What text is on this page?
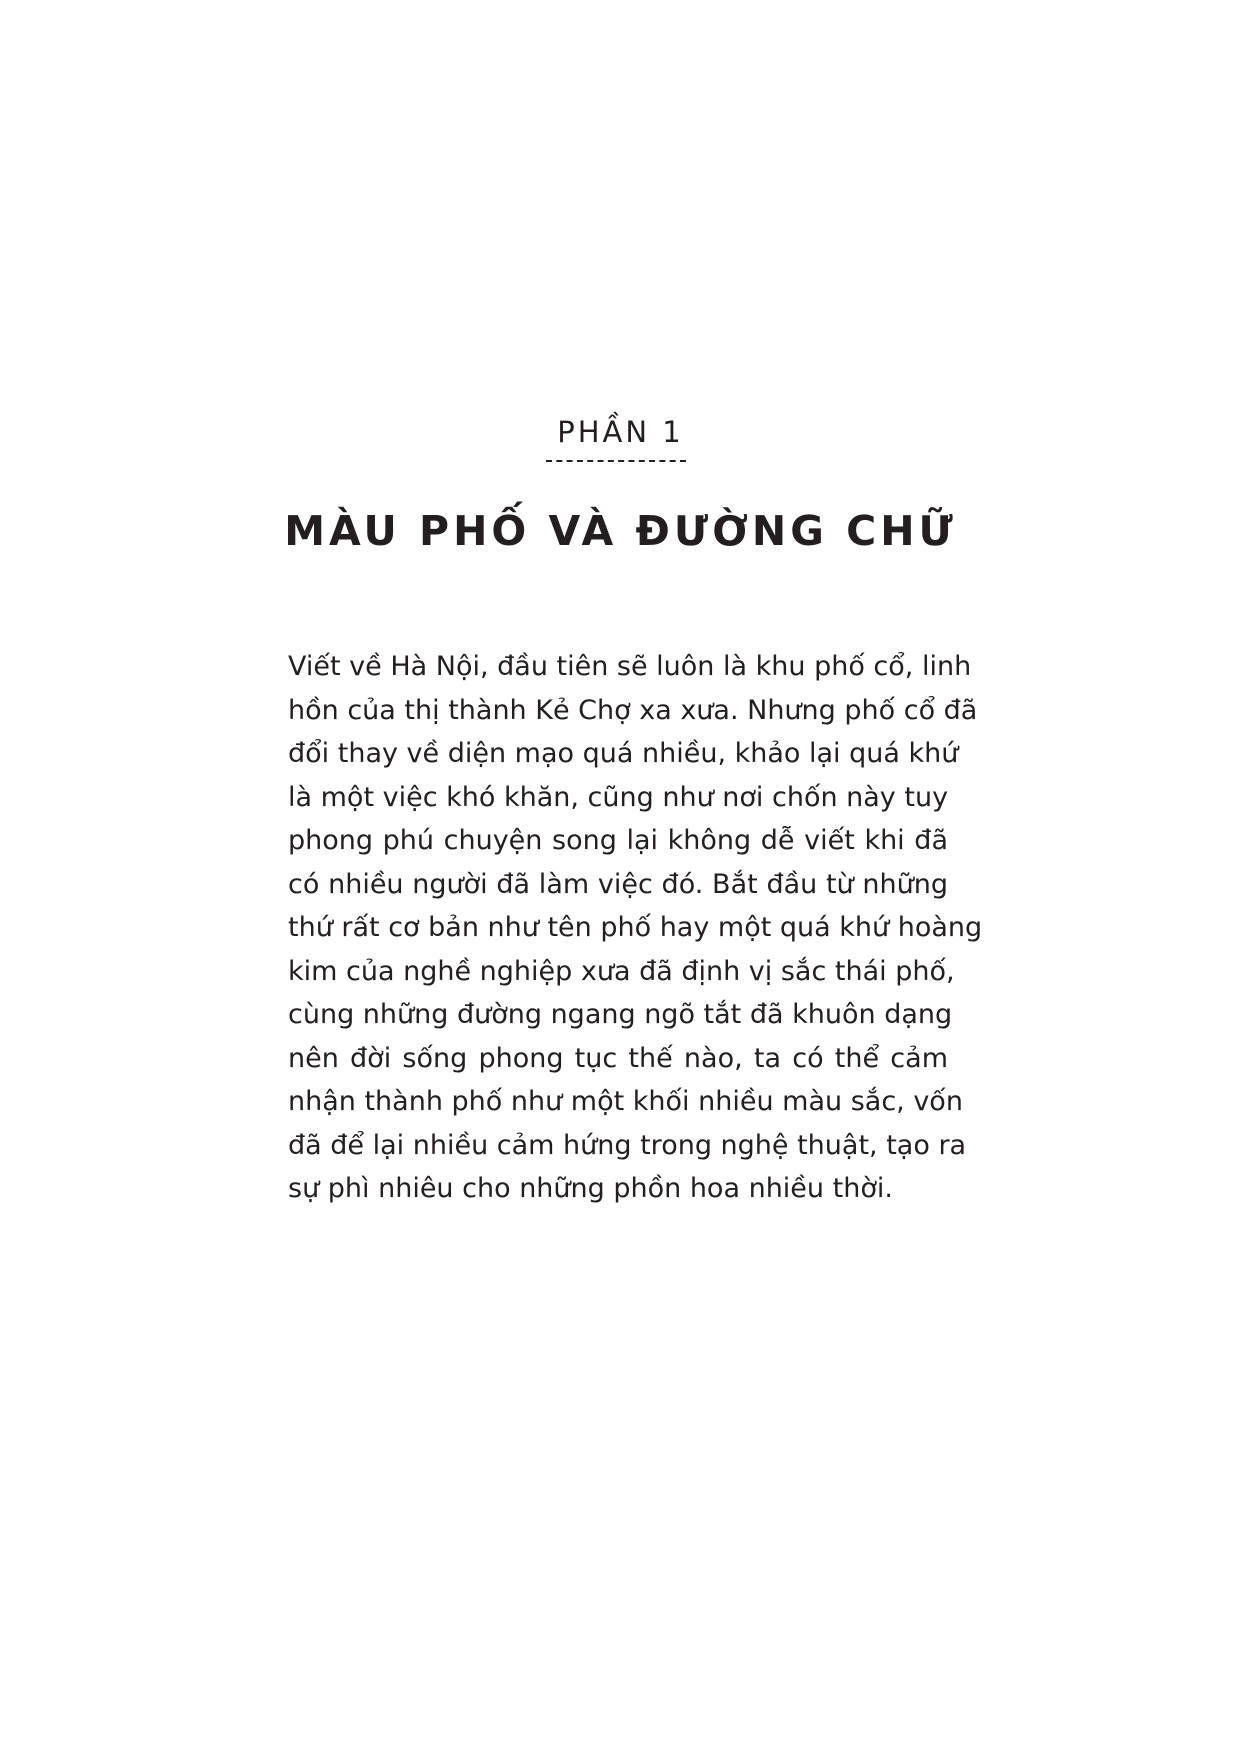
PHẦN 1
MÀU PHỐ VÀ ĐƯỜNG CHỮ
Viết về Hà Nội, đầu tiên sẽ luôn là khu phố cổ, linh
hồn của thị thành Kẻ Chợ xa xưa. Nhưng phố cổ đã
đổi thay về diện mạo quá nhiều, khảo lại quá khứ
là một việc khó khăn, cũng như nơi chốn này tuy
phong phú chuyện song lại không dễ viết khi đã
có nhiều người đã làm việc đó. Bắt đầu từ những
thứ rất cơ bản như tên phố hay một quá khứ hoàng
kim của nghề nghiệp xưa đã định vị sắc thái phố,
cùng những đường ngang ngõ tắt đã khuôn dạng
nên đời sống phong tục thế nào, ta có thể cảm
nhận thành phố như một khối nhiều màu sắc, vốn
đã để lại nhiều cảm hứng trong nghệ thuật, tạo ra
sự phì nhiêu cho những phồn hoa nhiều thời.
